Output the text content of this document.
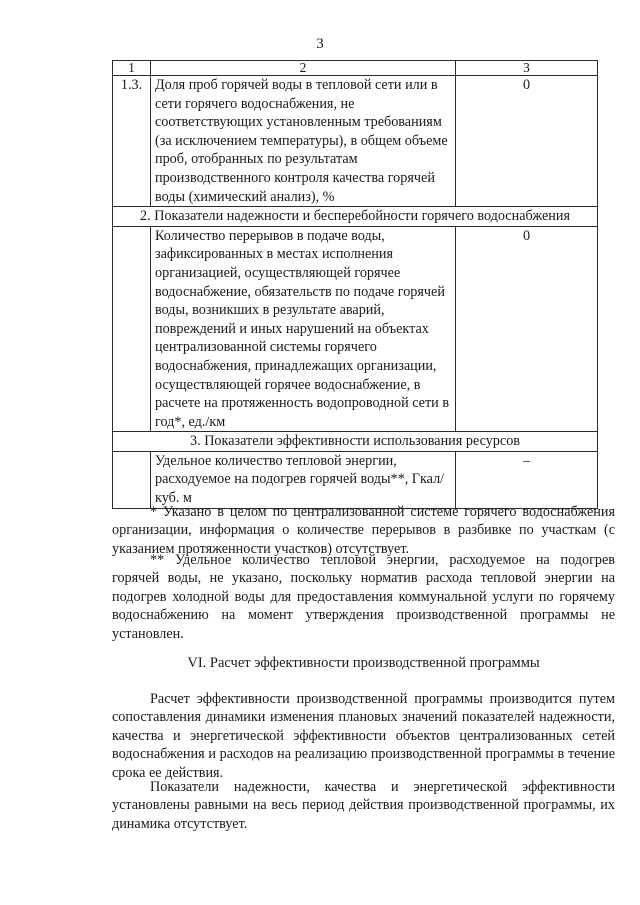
3
1	2	3
1.3.	Доля проб горячей воды в тепловой сети или в сети горячего водоснабжения, не соответствующих установленным требованиям (за исключением температуры), в общем объеме проб, отобранных по результатам производственного контроля качества горячей воды (химический анализ), %	0
2. Показатели надежности и бесперебойности горячего водоснабжения		
	Количество перерывов в подаче воды, зафиксированных в местах исполнения организацией, осуществляющей горячее водоснабжение, обязательств по подаче горячей воды, возникших в результате аварий, повреждений и иных нарушений на объектах централизованной системы горячего водоснабжения, принадлежащих организации, осуществляющей горячее водоснабжение, в расчете на протяженность водопроводной сети в год*, ед./км	0
3. Показатели эффективности использования ресурсов		
	Удельное количество тепловой энергии, расходуемое на подогрев горячей воды**, Гкал/ куб. м	–

* Указано в целом по централизованной системе горячего водоснабжения организации, информация о количестве перерывов в разбивке по участкам (с указанием протяженности участков) отсутствует.

** Удельное количество тепловой энергии, расходуемое на подогрев горячей воды, не указано, поскольку норматив расхода тепловой энергии на подогрев холодной воды для предоставления коммунальной услуги по горячему водоснабжению на момент утверждения производственной программы не установлен.

VI. Расчет эффективности производственной программы

Расчет эффективности производственной программы производится путем сопоставления динамики изменения плановых значений показателей надежности, качества и энергетической эффективности объектов централизованных сетей водоснабжения и расходов на реализацию производственной программы в течение срока ее действия.

Показатели надежности, качества и энергетической эффективности установлены равными на весь период действия производственной программы, их динамика отсутствует.
